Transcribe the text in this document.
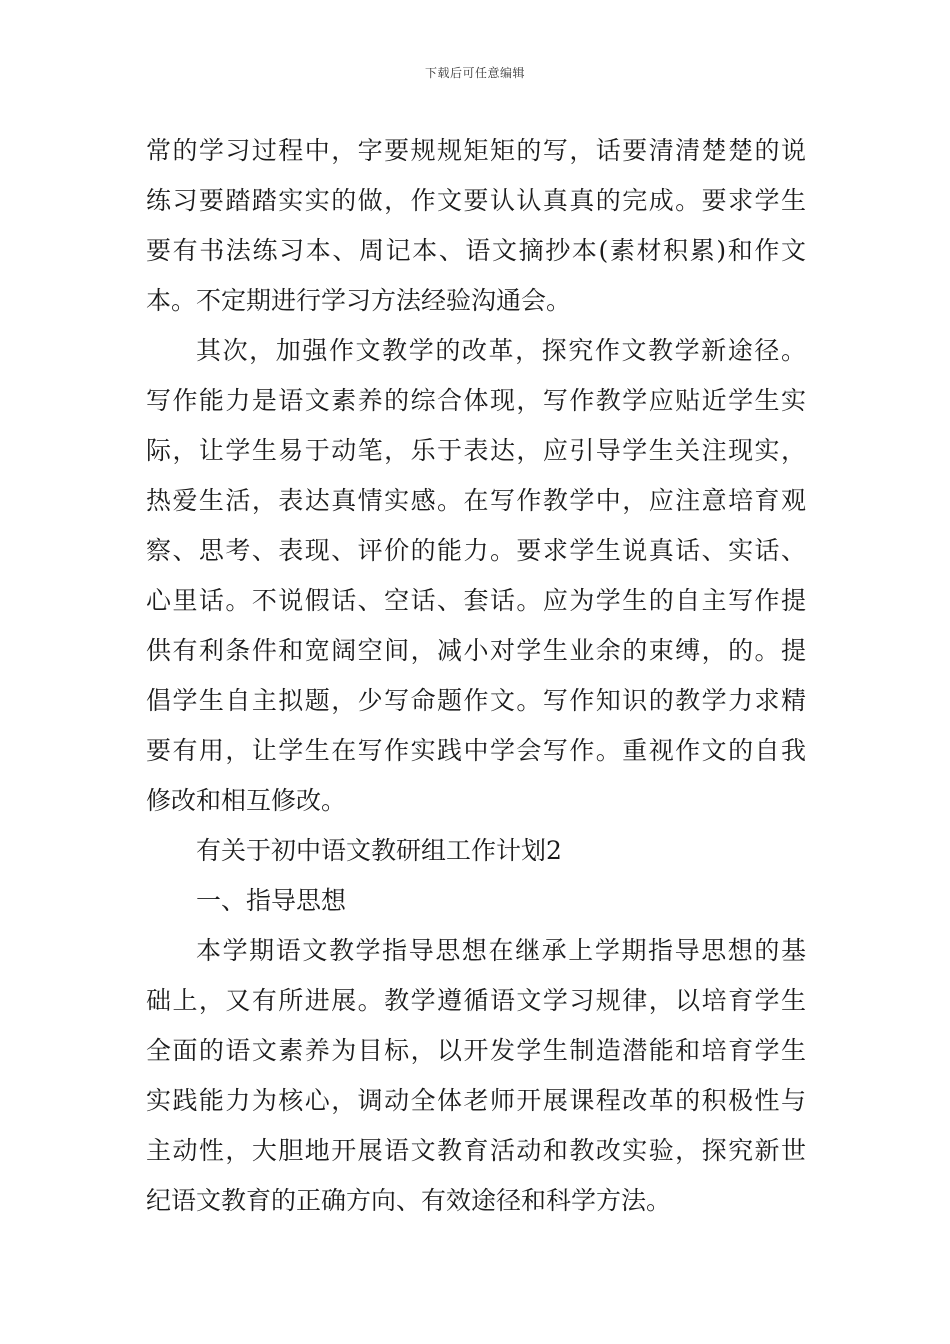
下载后可任意编辑
常的学习过程中，字要规规矩矩的写，话要清清楚楚的说
练习要踏踏实实的做，作文要认认真真的完成。要求学生
要有书法练习本、周记本、语文摘抄本(素材积累)和作文
本。不定期进行学习方法经验沟通会。
其次，加强作文教学的改革，探究作文教学新途径。
写作能力是语文素养的综合体现，写作教学应贴近学生实
际，让学生易于动笔，乐于表达，应引导学生关注现实，
热爱生活，表达真情实感。在写作教学中，应注意培育观
察、思考、表现、评价的能力。要求学生说真话、实话、
心里话。不说假话、空话、套话。应为学生的自主写作提
供有利条件和宽阔空间，减小对学生业余的束缚，的。提
倡学生自主拟题，少写命题作文。写作知识的教学力求精
要有用，让学生在写作实践中学会写作。重视作文的自我
修改和相互修改。
有关于初中语文教研组工作计划2
一、指导思想
本学期语文教学指导思想在继承上学期指导思想的基
础上，又有所进展。教学遵循语文学习规律，以培育学生
全面的语文素养为目标，以开发学生制造潜能和培育学生
实践能力为核心，调动全体老师开展课程改革的积极性与
主动性，大胆地开展语文教育活动和教改实验，探究新世
纪语文教育的正确方向、有效途径和科学方法。
